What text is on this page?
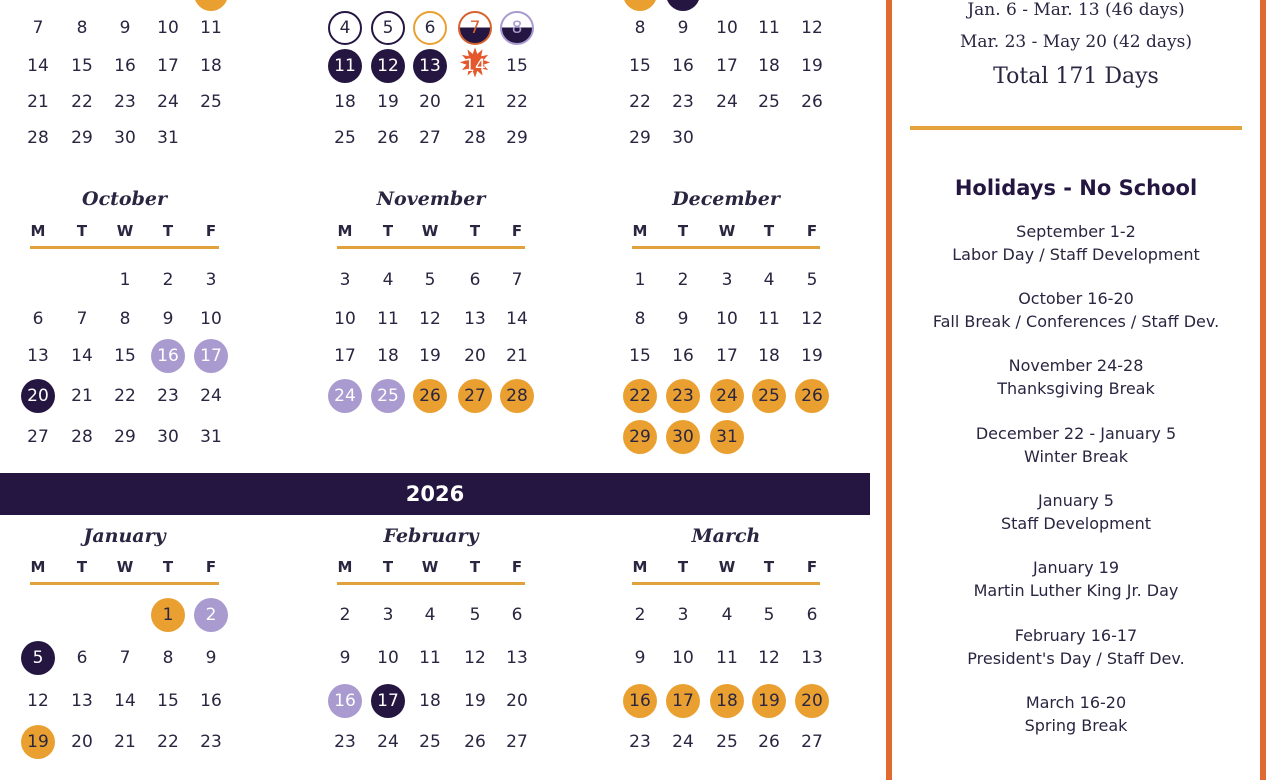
7	8	9	10	11
14	15	16	17	18
21	22	23	24	25
28	29	30	31
4	5	6	7	8
11	12	13
✹	14	15
18	19	20	21	22
25	26	27	28	29
8	9	10	11	12
15	16	17	18	19
22	23	24	25	26
29	30
October
M T W T F
1	2	3
6	7	8	9	10
13	14	15	16	17
20	21	22	23	24
27	28	29	30	31
November
M T W T F
3	4	5	6	7
10	11	12	13	14
17	18	19	20	21
24	25	26	27	28
December
M T W T F
1	2	3	4	5
8	9	10	11	12
15	16	17	18	19
22	23	24	25	26
29	30	31
January
M T W T F
1	2
5	6	7	8	9
12	13	14	15	16
19	20	21	22	23
February
M T W T F
2	3	4	5	6
9	10	11	12	13
16	17	18	19	20
23	24	25	26	27
March
M T W T F
2	3	4	5	6
9	10	11	12	13
16	17	18	19	20
23	24	25	26	27
2026
Jan. 6 - Mar. 13 (46 days)
Mar. 23 - May 20 (42 days)
Total 171 Days
Holidays - No School
September 1-2
Labor Day / Staff Development
October 16-20
Fall Break / Conferences / Staff Dev.
November 24-28
Thanksgiving Break
December 22 - January 5
Winter Break
January 5
Staff Development
January 19
Martin Luther King Jr. Day
February 16-17
President's Day / Staff Dev.
March 16-20
Spring Break
